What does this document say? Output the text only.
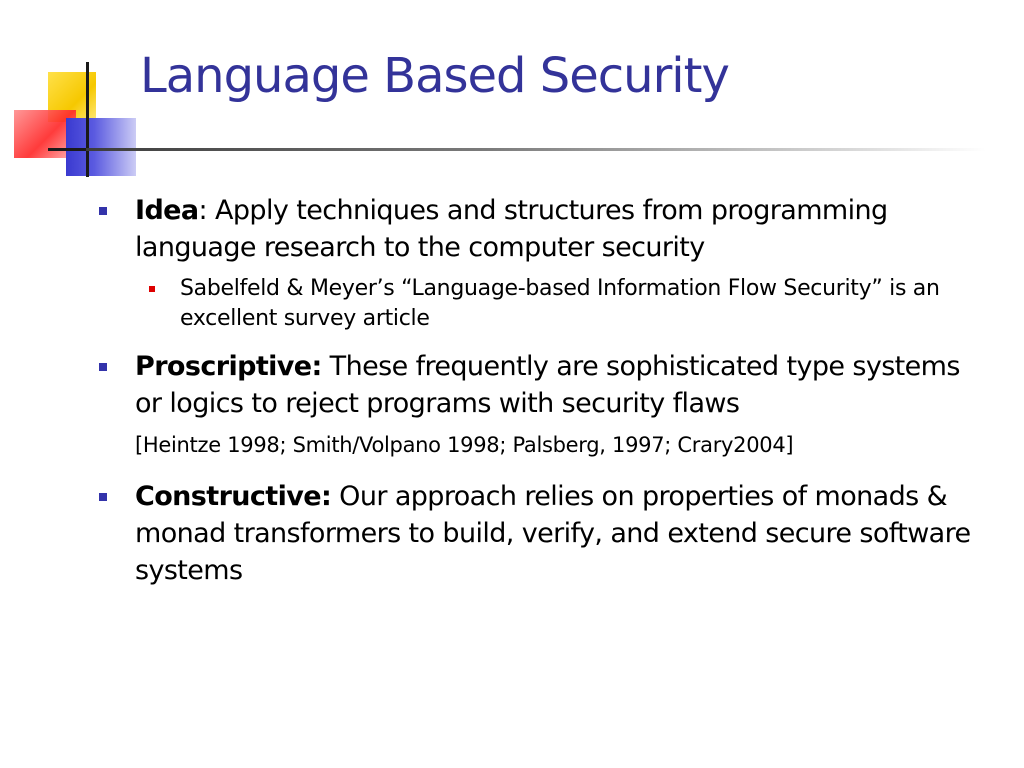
Language Based Security
Idea: Apply techniques and structures from programming language research to the computer security
Sabelfeld & Meyer’s “Language-based Information Flow Security” is an excellent survey article
Proscriptive: These frequently are sophisticated type systems or logics to reject programs with security flaws
[Heintze 1998; Smith/Volpano 1998; Palsberg, 1997; Crary2004]
Constructive: Our approach relies on properties of monads & monad transformers to build, verify, and extend secure software systems
